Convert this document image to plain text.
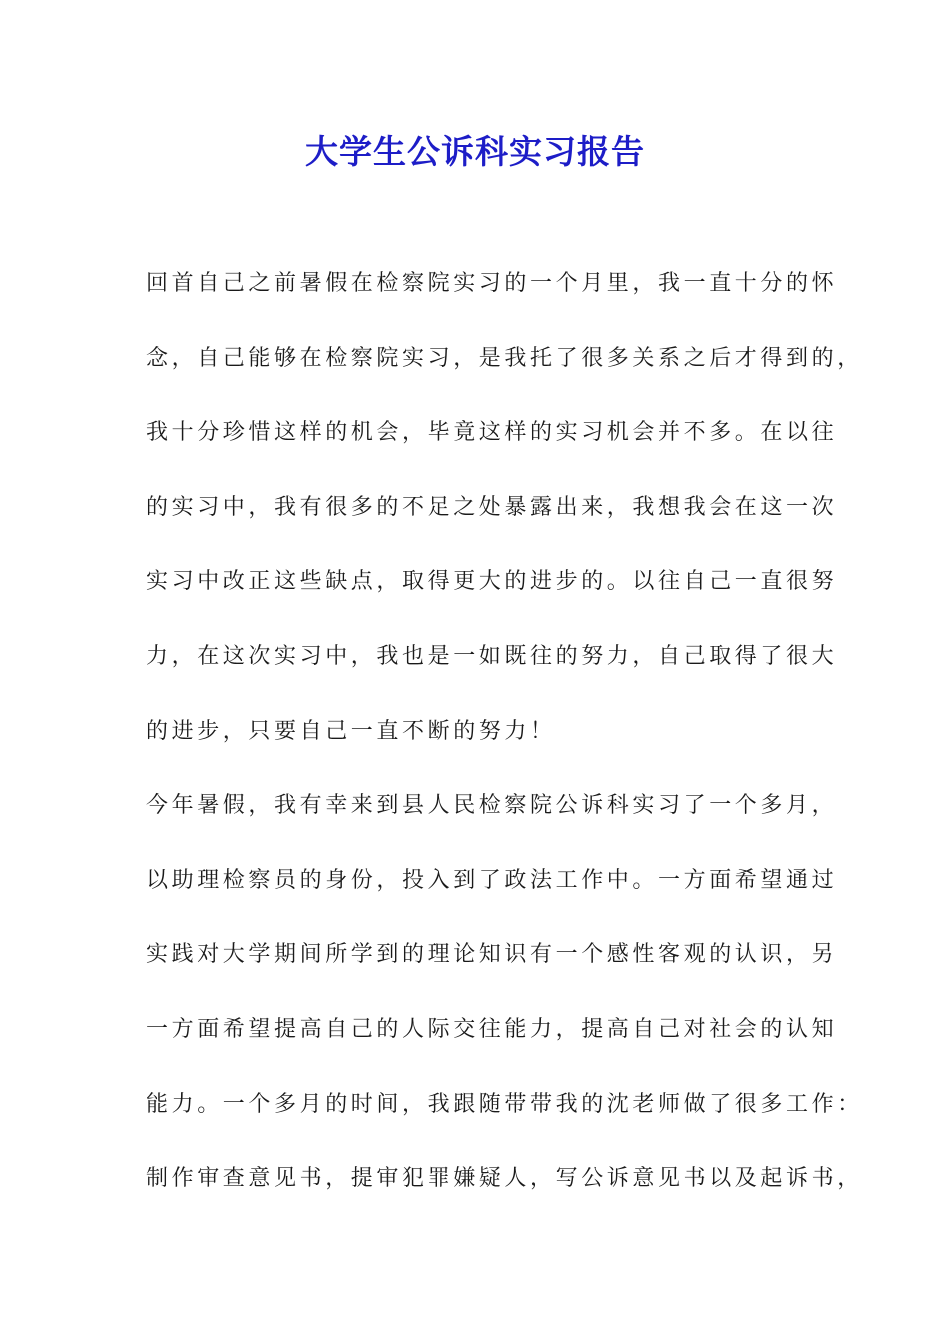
大学生公诉科实习报告
回首自己之前暑假在检察院实习的一个月里，我一直十分的怀
念，自己能够在检察院实习，是我托了很多关系之后才得到的，
我十分珍惜这样的机会，毕竟这样的实习机会并不多。在以往
的实习中，我有很多的不足之处暴露出来，我想我会在这一次
实习中改正这些缺点，取得更大的进步的。以往自己一直很努
力，在这次实习中，我也是一如既往的努力，自己取得了很大
的进步，只要自己一直不断的努力！
今年暑假，我有幸来到县人民检察院公诉科实习了一个多月，
以助理检察员的身份，投入到了政法工作中。一方面希望通过
实践对大学期间所学到的理论知识有一个感性客观的认识，另
一方面希望提高自己的人际交往能力，提高自己对社会的认知
能力。一个多月的时间，我跟随带带我的沈老师做了很多工作：
制作审查意见书，提审犯罪嫌疑人，写公诉意见书以及起诉书，
